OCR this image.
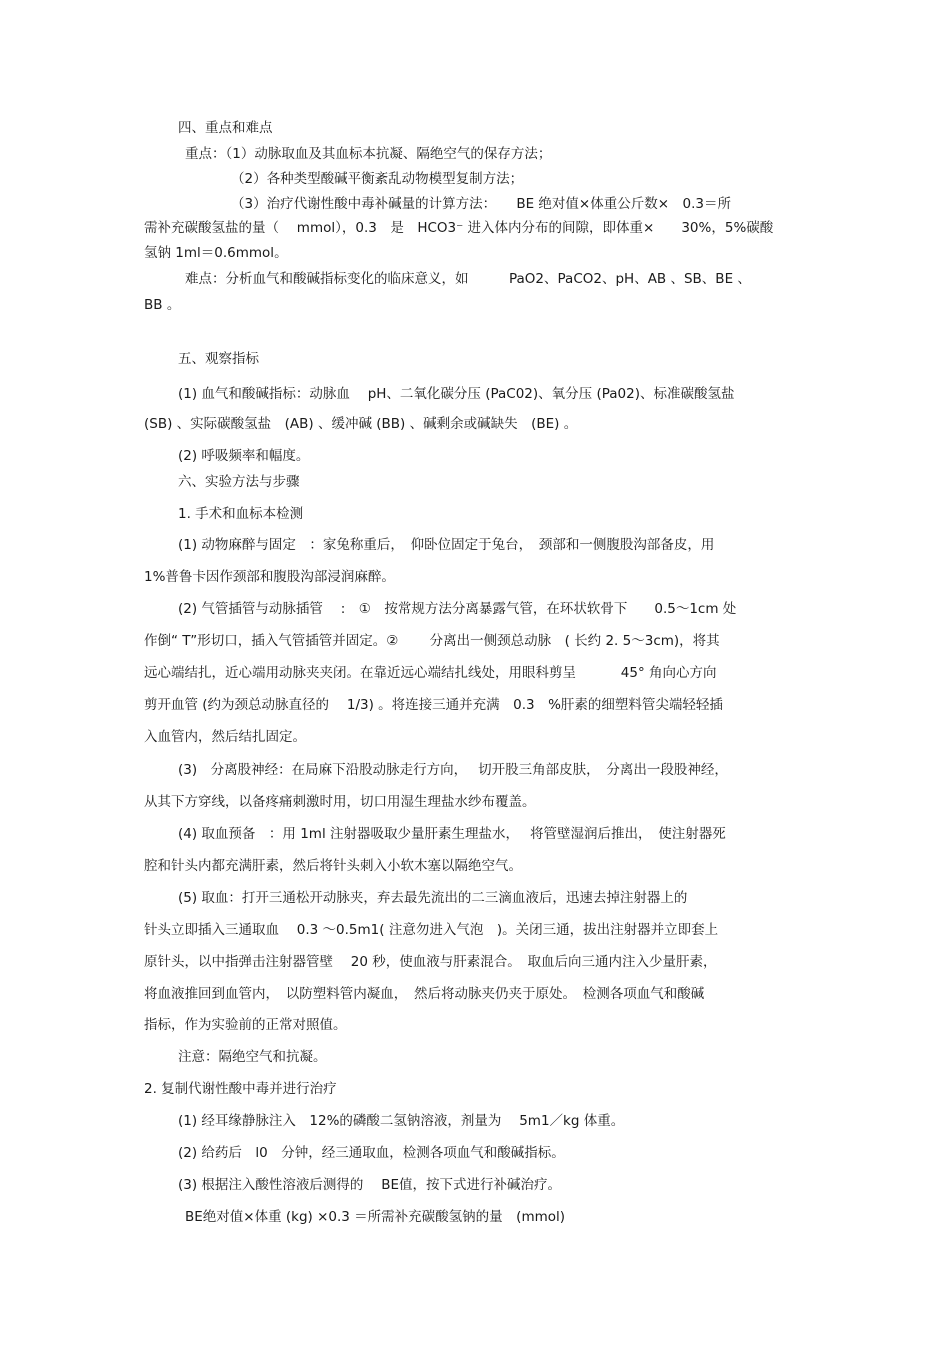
四、重点和难点
重点：（1）动脉取血及其血标本抗凝、隔绝空气的保存方法；
（2）各种类型酸碱平衡紊乱动物模型复制方法；
（3）治疗代谢性酸中毒补碱量的计算方法：　　BE 绝对值×体重公斤数×　0.3＝所
需补充碳酸氢盐的量（　 mmol），0.3　是　HCO3⁻ 进入体内分布的间隙，即体重×　　30%，5%碳酸
氢钠 1ml＝0.6mmol。
难点：分析血气和酸碱指标变化的临床意义，如　　　PaO2、PaCO2、pH、AB 、SB、BE 、
BB 。
五、观察指标
(1) 血气和酸碱指标：动脉血　 pH、二氧化碳分压 (PaC02)、氧分压 (Pa02)、标准碳酸氢盐
(SB) 、实际碳酸氢盐　(AB) 、缓冲碱 (BB) 、碱剩余或碱缺失　(BE) 。
(2) 呼吸频率和幅度。
六、实验方法与步骤
1. 手术和血标本检测
(1) 动物麻醉与固定　：家兔称重后，　仰卧位固定于兔台，　颈部和一侧腹股沟部备皮，用
1%普鲁卡因作颈部和腹股沟部浸润麻醉。
(2) 气管插管与动脉插管　 :　①　按常规方法分离暴露气管，在环状软骨下　　0.5～1cm 处
作倒“ T”形切口，插入气管插管并固定。②　　 分离出一侧颈总动脉　( 长约 2. 5～3cm)，将其
远心端结扎，近心端用动脉夹夹闭。在靠近远心端结扎线处，用眼科剪呈　　　 45° 角向心方向
剪开血管 (约为颈总动脉直径的　 1/3) 。将连接三通并充满　0.3　%肝素的细塑料管尖端轻轻插
入血管内，然后结扎固定。
(3)　分离股神经：在局麻下沿股动脉走行方向，　 切开股三角部皮肤，　分离出一段股神经，
从其下方穿线，以备疼痛刺激时用，切口用湿生理盐水纱布覆盖。
(4) 取血预备　：用 1ml 注射器吸取少量肝素生理盐水，　 将管壁湿润后推出，　使注射器死
腔和针头内都充满肝素，然后将针头刺入小软木塞以隔绝空气。
(5) 取血：打开三通松开动脉夹，弃去最先流出的二三滴血液后，迅速去掉注射器上的
针头立即插入三通取血　 0.3 ～0.5m1( 注意勿进入气泡　)。关闭三通，拔出注射器并立即套上
原针头，以中指弹击注射器管壁　 20 秒，使血液与肝素混合。　取血后向三通内注入少量肝素，
将血液推回到血管内，　以防塑料管内凝血，　然后将动脉夹仍夹于原处。　检测各项血气和酸碱
指标，作为实验前的正常对照值。
注意：隔绝空气和抗凝。
2. 复制代谢性酸中毒并进行治疗
(1) 经耳缘静脉注入　12%的磷酸二氢钠溶液，剂量为　 5m1／kg 体重。
(2) 给药后　l0　分钟，经三通取血，检测各项血气和酸碱指标。
(3) 根据注入酸性溶液后测得的　 BE值，按下式进行补碱治疗。
BE绝对值×体重 (kg) ×0.3 ＝所需补充碳酸氢钠的量　(mmol)
